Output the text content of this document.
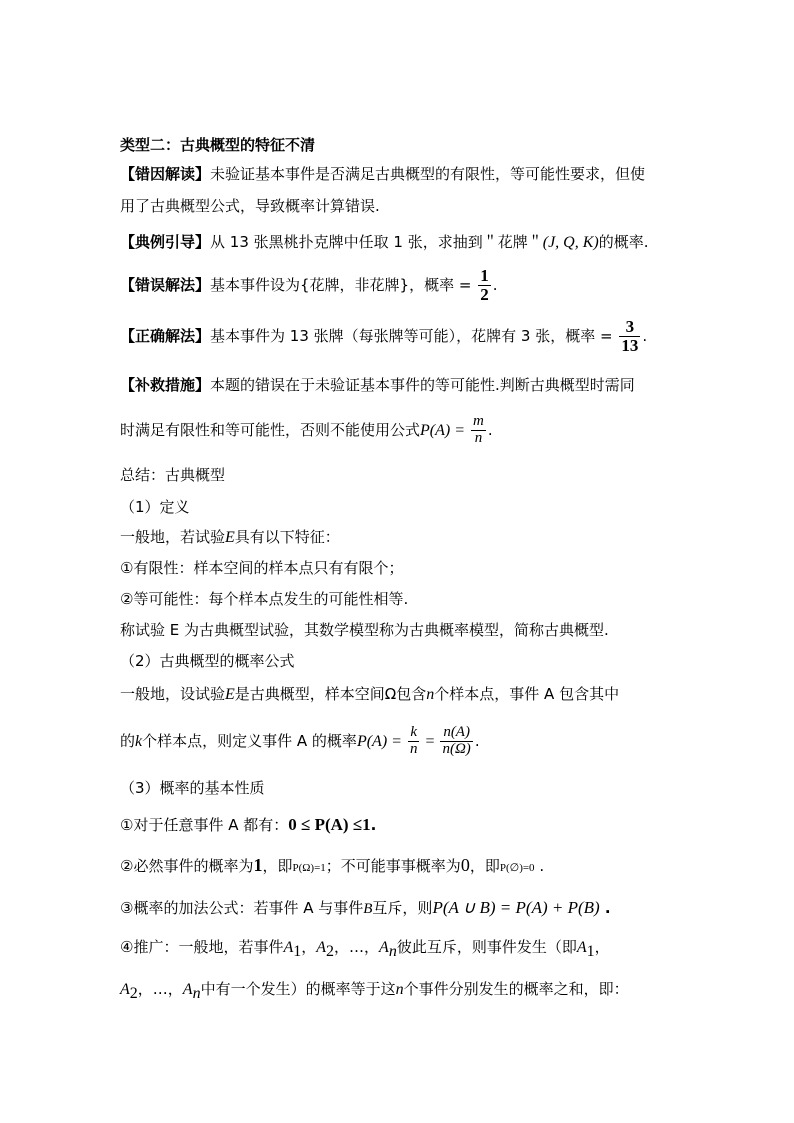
类型二：古典概型的特征不清
【错因解读】未验证基本事件是否满足古典概型的有限性，等可能性要求，但使
用了古典概型公式，导致概率计算错误.
【典例引导】从 13 张黑桃扑克牌中任取 1 张，求抽到＂花牌＂(J, Q, K)的概率.
【错误解法】基本事件设为{花牌，非花牌}，概率 = $\frac{1}{2}$ .
【正确解法】基本事件为 13 张牌（每张牌等可能），花牌有 3 张，概率 = $\frac{3}{13}$ .
【补救措施】本题的错误在于未验证基本事件的等可能性.判断古典概型时需同
时满足有限性和等可能性，否则不能使用公式$P(A) = \frac{m}{n}$ .
总结：古典概型
（1）定义
一般地，若试验E具有以下特征：
①有限性：样本空间的样本点只有有限个；
②等可能性：每个样本点发生的可能性相等.
称试验 E 为古典概型试验，其数学模型称为古典概率模型，简称古典概型.
（2）古典概型的概率公式
一般地，设试验E是古典概型，样本空间Ω包含n个样本点，事件 A 包含其中
的k个样本点，则定义事件 A 的概率$P(A) = \frac{k}{n} = \frac{n(A)}{n(\Omega)}$ .
（3）概率的基本性质
①对于任意事件 A 都有：0 ≤ P(A) ≤1.
②必然事件的概率为1，即P(Ω)=1；不可能事事概率为0，即P(∅)=0 .
③概率的加法公式：若事件 A 与事件B互斥，则P(A ∪ B) = P(A) + P(B) .
④推广：一般地，若事件$A_1$，$A_2$，…，$A_n$彼此互斥，则事件发生（即$A_1$，
$A_2$，…，$A_n$中有一个发生）的概率等于这n个事件分别发生的概率之和，即：
